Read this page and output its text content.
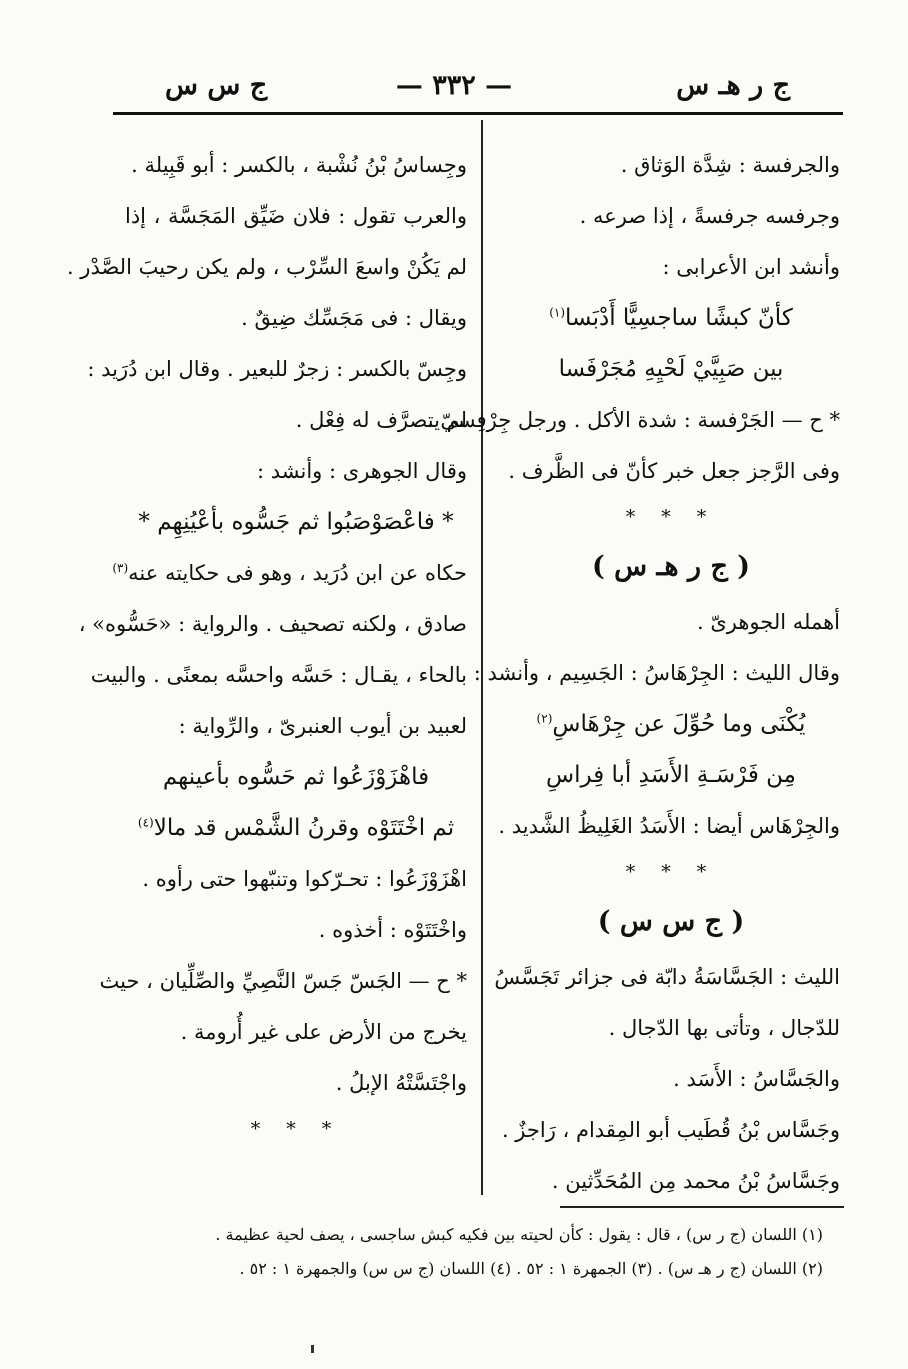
ج ر هـ س
— ٣٣٢ —
ج س س
والجرفسة : شِدَّة الوَثاق .
وجرفسه جرفسةً ، إذا صرعه .
وأنشد ابن الأعرابى :
كأنّ كبشًا ساجسِيًّا أَدْبَسا$^{(١)}$
بين صَبِيَّيْ لَحْيِهِ مُجَرْفَسا
* ح — الجَرْفسة : شدة الأكل . ورجل جِرْفِسيّ .
وفى الرَّجز جعل خبر كأنّ فى الظَّرف .
* * *
( ج ر هـ س )
أهمله الجوهرىّ .
وقال الليث : الجِرْهَاسُ : الجَسِيم ، وأنشد :
يُكْنَى وما حُوِّلَ عن جِرْهَاسِ$^{(٢)}$
مِن فَرْسَـةِ الأَسَدِ أبا فِراسِ
والجِرْهَاس أيضا : الأَسَدُ الغَلِيظُ الشَّديد .
* * *
( ج س س )
الليث : الجَسَّاسَةُ دابّة فى جزائر تَجَسَّسُ
للدّجال ، وتأتى بها الدّجال .
والجَسَّاسُ : الأَسَد .
وجَسَّاس بْنُ قُطَيب أبو المِقدام ، رَاجزٌ .
وجَسَّاسُ بْنُ محمد مِن المُحَدِّثين .
وجِساسُ بْنُ نُشْبة ، بالكسر : أبو قَبِيلة .
والعرب تقول : فلان ضَيِّق المَجَسَّة ، إذا
لم يَكُنْ واسعَ السِّرْب ، ولم يكن رحيبَ الصَّدْر .
ويقال : فى مَجَسِّك ضِيقٌ .
وجِسّ بالكسر : زجرٌ للبعير . وقال ابن دُرَيد :
لم يتصرَّف له فِعْل .
وقال الجوهرى : وأنشد :
* فاعْصَوْصَبُوا ثم جَسُّوه بأعْيُنِهِم *
حكاه عن ابن دُرَيد ، وهو فى حكايته عنه$^{(٣)}$
صادق ، ولكنه تصحيف . والرواية : «حَسُّوه» ،
بالحاء ، يقـال : حَسَّه واحسَّه بمعنًى . والبيت
لعبيد بن أيوب العنبرىّ ، والرِّواية :
فاهْزَوْزَعُوا ثم حَسُّوه بأعينهم
ثم اخْتَتَوْه وقرنُ الشَّمْس قد مالا$^{(٤)}$
اهْزَوْزَعُوا : تحـرّكوا وتنبّهوا حتى رأوه .
واخْتَتَوْه : أخذوه .
* ح — الجَسّ جَسّ النَّصِيِّ والصِّلِّيان ، حيث
يخرج من الأرض على غير أُرومة .
واجْتَسَّتْهُ الإبلُ .
* * *
(١) اللسان (ج ر س) ، قال : يقول : كأن لحيته بين فكيه كبش ساجسى ، يصف لحية عظيمة .
(٢) اللسان (ج ر هـ س) . (٣) الجمهرة ١ : ٥٢ . (٤) اللسان (ج س س) والجمهرة ١ : ٥٢ .
